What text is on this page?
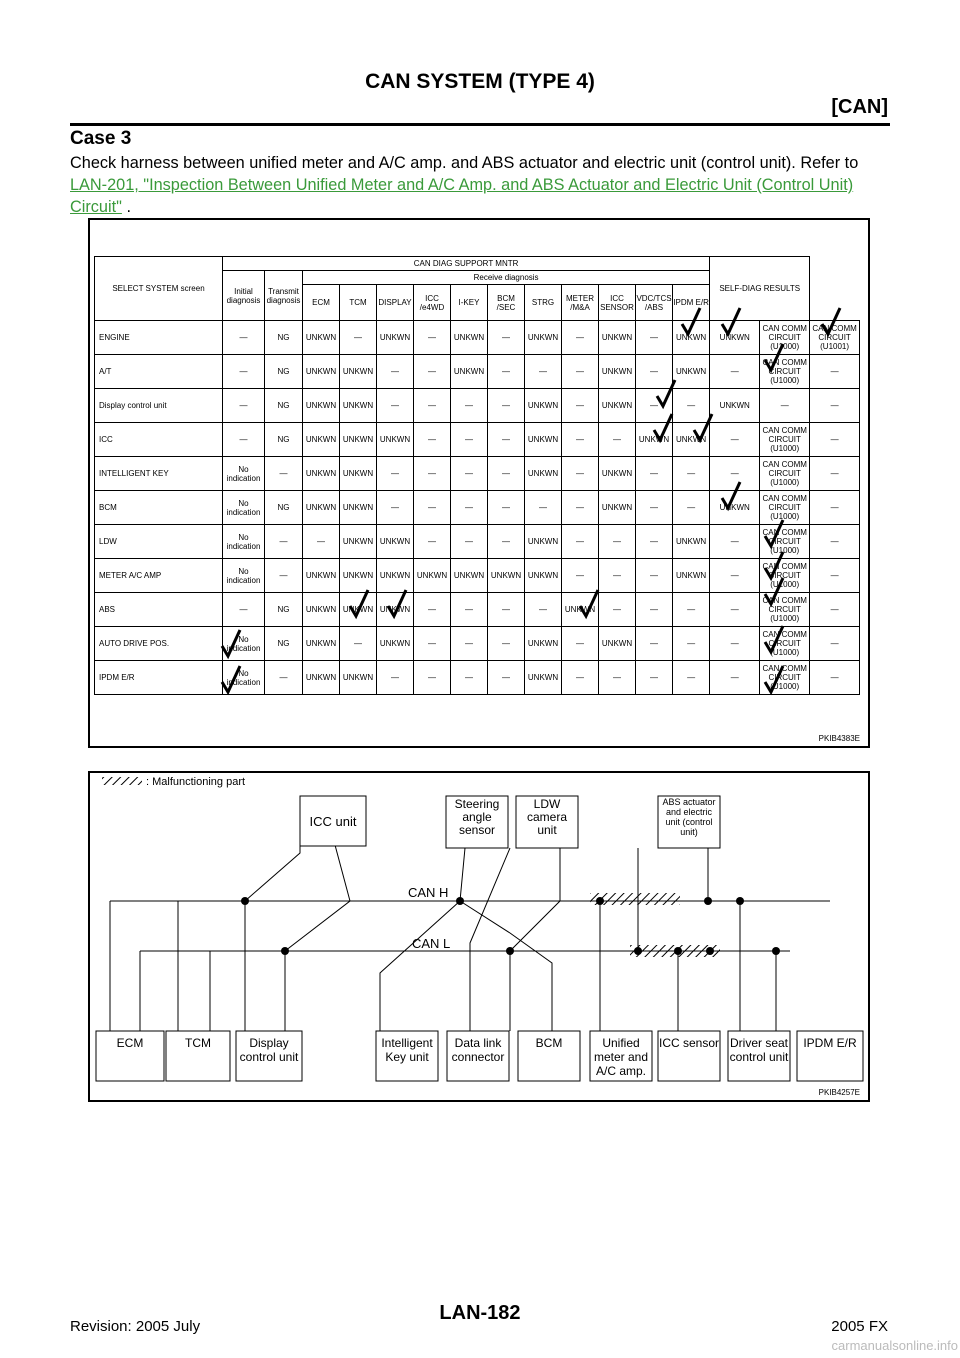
CAN SYSTEM (TYPE 4)
[CAN]
Case 3
Check harness between unified meter and A/C amp. and ABS actuator and electric unit (control unit). Refer to
LAN-201, "Inspection Between Unified Meter and A/C Amp. and ABS Actuator and Electric Unit (Control Unit) Circuit" .
SELECT SYSTEM screen	CAN DIAG SUPPORT MNTR													SELF-DIAG RESULTS		
	Initial diagnosis	Transmit diagnosis	Receive diagnosis													
			ECM	TCM	DISPLAY	ICC /e4WD	I-KEY	BCM /SEC	STRG	METER /M&A	ICC SENSOR	VDC/TCS /ABS	IPDM E/R			
ENGINE	—	NG	UNKWN	—	UNKWN	—	UNKWN	—	UNKWN	—	UNKWN	—	UNKWN	UNKWN	CAN COMM CIRCUIT (U1000)	CAN COMM CIRCUIT (U1001)
A/T	—	NG	UNKWN	UNKWN	—	—	UNKWN	—	—	—	UNKWN	—	UNKWN	—	CAN COMM CIRCUIT (U1000)	—
Display control unit	—	NG	UNKWN	UNKWN	—	—	—	—	UNKWN	—	UNKWN	—	—	UNKWN	—	—
ICC	—	NG	UNKWN	UNKWN	UNKWN	—	—	—	UNKWN	—	—	UNKWN	UNKWN	—	CAN COMM CIRCUIT (U1000)	—
INTELLIGENT KEY	No indication	—	UNKWN	UNKWN	—	—	—	—	UNKWN	—	UNKWN	—	—	—	CAN COMM CIRCUIT (U1000)	—
BCM	No indication	NG	UNKWN	UNKWN	—	—	—	—	—	—	UNKWN	—	—	UNKWN	CAN COMM CIRCUIT (U1000)	—
LDW	No indication	—	—	UNKWN	UNKWN	—	—	—	UNKWN	—	—	—	UNKWN	—	CAN COMM CIRCUIT (U1000)	—
METER A/C AMP	No indication	—	UNKWN	UNKWN	UNKWN	UNKWN	UNKWN	UNKWN	UNKWN	—	—	—	UNKWN	—	CAN COMM CIRCUIT (U1000)	—
ABS	—	NG	UNKWN	UNKWN	UNKWN	—	—	—	—	UNKWN	—	—	—	—	CAN COMM CIRCUIT (U1000)	—
AUTO DRIVE POS.	No indication	NG	UNKWN	—	UNKWN	—	—	—	UNKWN	—	UNKWN	—	—	—	CAN COMM CIRCUIT (U1000)	—
IPDM E/R	No indication	—	UNKWN	UNKWN	—	—	—	—	UNKWN	—	—	—	—	—	CAN COMM CIRCUIT (U1000)	—
PKIB4383E
: Malfunctioning part
CAN H
CAN L
ICC unit
Steering angle sensor
LDW camera unit
ABS actuator and electric unit (control unit)
ECM	TCM	Display control unit
Intelligent Key unit
Data link connector
BCM	Unified meter and A/C amp.
ICC sensor Driver seat control unit
IPDM E/R
PKIB4257E
Revision: 2005 July
LAN-182
2005 FX
carmanualsonline.info
